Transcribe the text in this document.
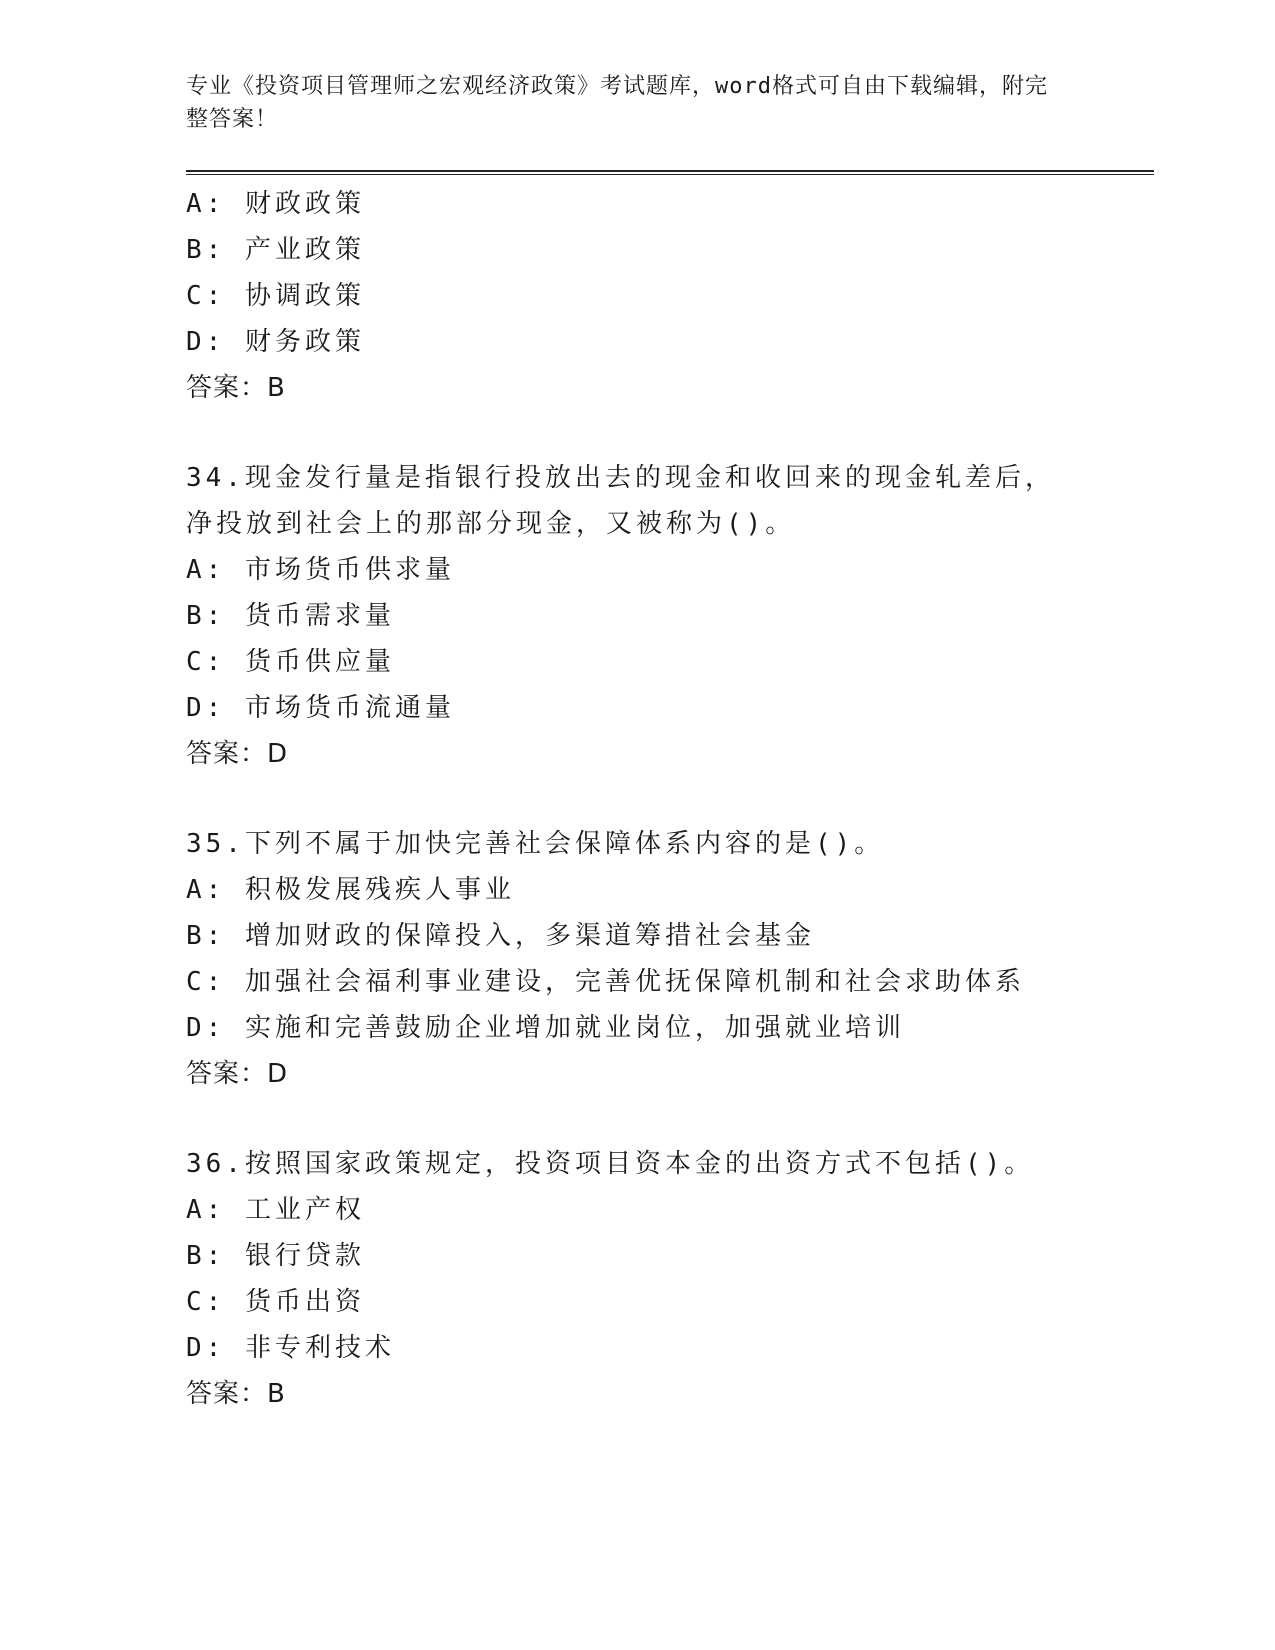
专业《投资项目管理师之宏观经济政策》考试题库，word格式可自由下载编辑，附完整答案！

A: 财政政策
B: 产业政策
C: 协调政策
D: 财务政策
答案：B
34.现金发行量是指银行投放出去的现金和收回来的现金轧差后，净投放到社会上的那部分现金，又被称为()。
A: 市场货币供求量
B: 货币需求量
C: 货币供应量
D: 市场货币流通量
答案：D
35.下列不属于加快完善社会保障体系内容的是()。
A: 积极发展残疾人事业
B: 增加财政的保障投入，多渠道筹措社会基金
C: 加强社会福利事业建设，完善优抚保障机制和社会求助体系
D: 实施和完善鼓励企业增加就业岗位，加强就业培训
答案：D
36.按照国家政策规定，投资项目资本金的出资方式不包括()。
A: 工业产权
B: 银行贷款
C: 货币出资
D: 非专利技术
答案：B
